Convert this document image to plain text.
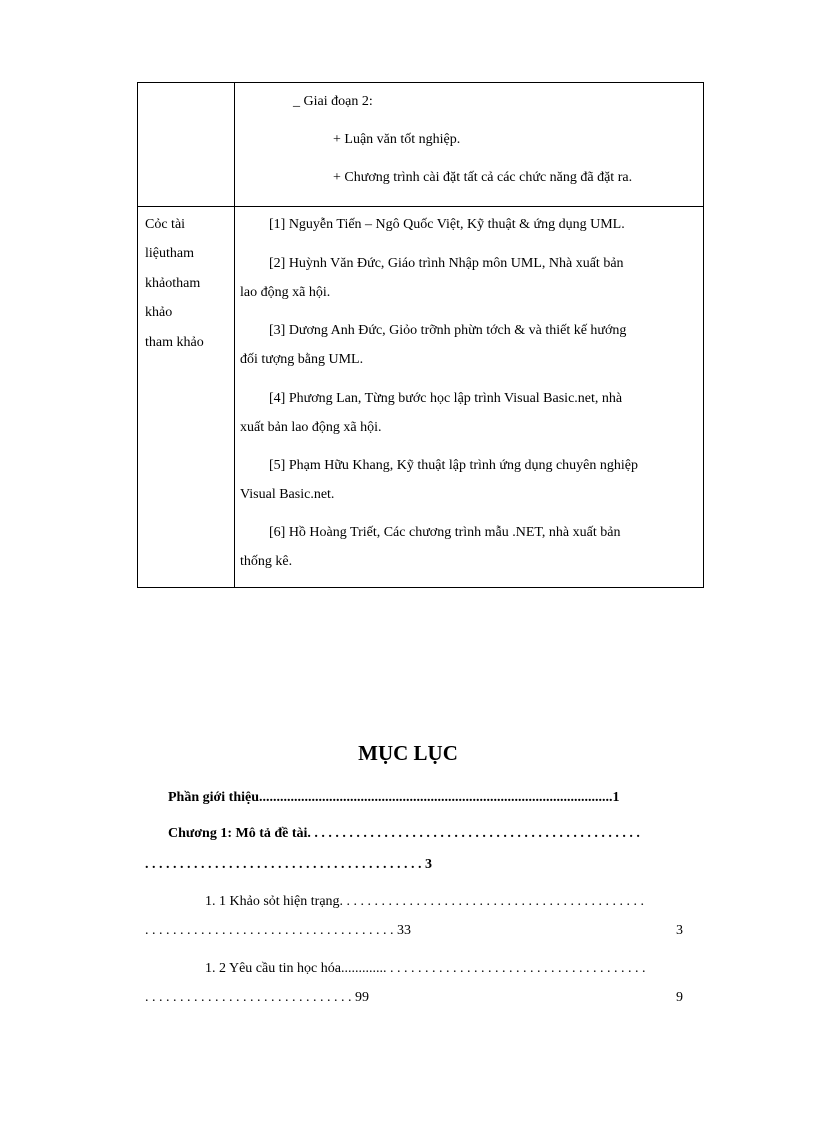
_ Giai đoạn 2:
+ Luận văn tốt nghiệp.
+ Chương trình cài đặt tất cả các chức năng đã đặt ra.
Cỏc tài
liệutham
khảotham
khảo
tham khảo
[1] Nguyễn Tiến – Ngô Quốc Việt, Kỹ thuật & ứng dụng UML.
[2] Huỳnh Văn Đức, Giáo trình Nhập môn UML, Nhà xuất bản
lao động xã hội.
[3] Dương Anh Đức, Giỏo trỡnh phừn tớch & và thiết kế hướng
đối tượng bằng UML.
[4] Phương Lan, Từng bước học lập trình Visual Basic.net, nhà
xuất bản lao động xã hội.
[5] Phạm Hữu Khang, Kỹ thuật lập trình ứng dụng chuyên nghiệp
Visual Basic.net.
[6] Hồ Hoàng Triết, Các chương trình mẫu .NET, nhà xuất bản
thống kê.
MỤC LỤC
Phần giới thiệu.....................................................................................................1
Chương 1: Mô tả đề tài. . . . . . . . . . . . . . . . . . . . . . . . . . . . . . . . . . . . . . . . . . . . . . . .
. . . . . . . . . . . . . . . . . . . . . . . . . . . . . . . . . . . . . . . . 3
1. 1 Khảo sỏt hiện trạng. . . . . . . . . . . . . . . . . . . . . . . . . . . . . . . . . . . . . . . . . . . .
. . . . . . . . . . . . . . . . . . . . . . . . . . . . . . . . . . . . 33	3
1. 2 Yêu cầu tin học hóa............. . . . . . . . . . . . . . . . . . . . . . . . . . . . . . . . . . . . . .
. . . . . . . . . . . . . . . . . . . . . . . . . . . . . . 99	9
